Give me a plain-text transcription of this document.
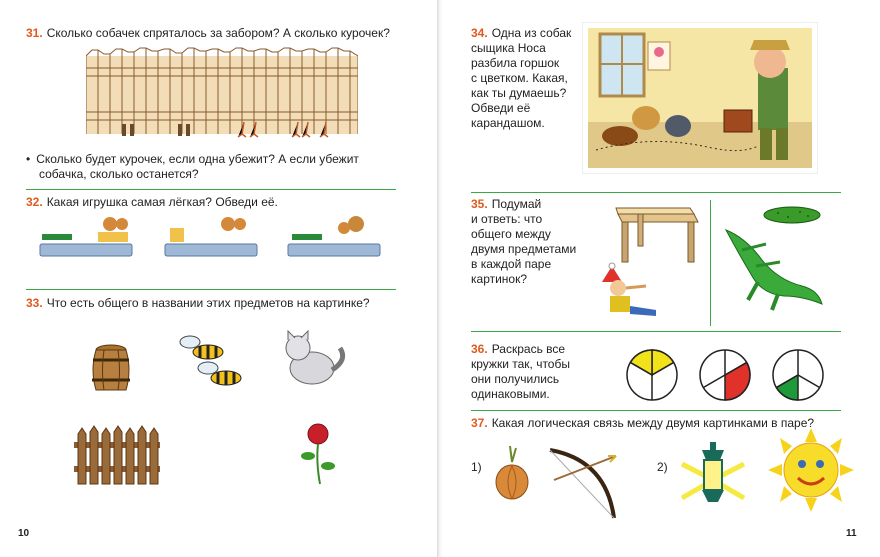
31. Сколько собачек спряталось за забором? А сколько курочек?
• Сколько будет курочек, если одна убежит? А если убежит
собачка, сколько останется?
32. Какая игрушка самая лёгкая? Обведи её.
33. Что есть общего в названии этих предметов на картинке?
10
34. Одна из собак
сыщика Носа
разбила горшок
с цветком. Какая,
как ты думаешь?
Обведи её
карандашом.
35. Подумай
и ответь: что
общего между
двумя предметами
в каждой паре
картинок?
36. Раскрась все
кружки так, чтобы
они получились
одинаковыми.
37. Какая логическая связь между двумя картинками в паре?
1)	2)
11
